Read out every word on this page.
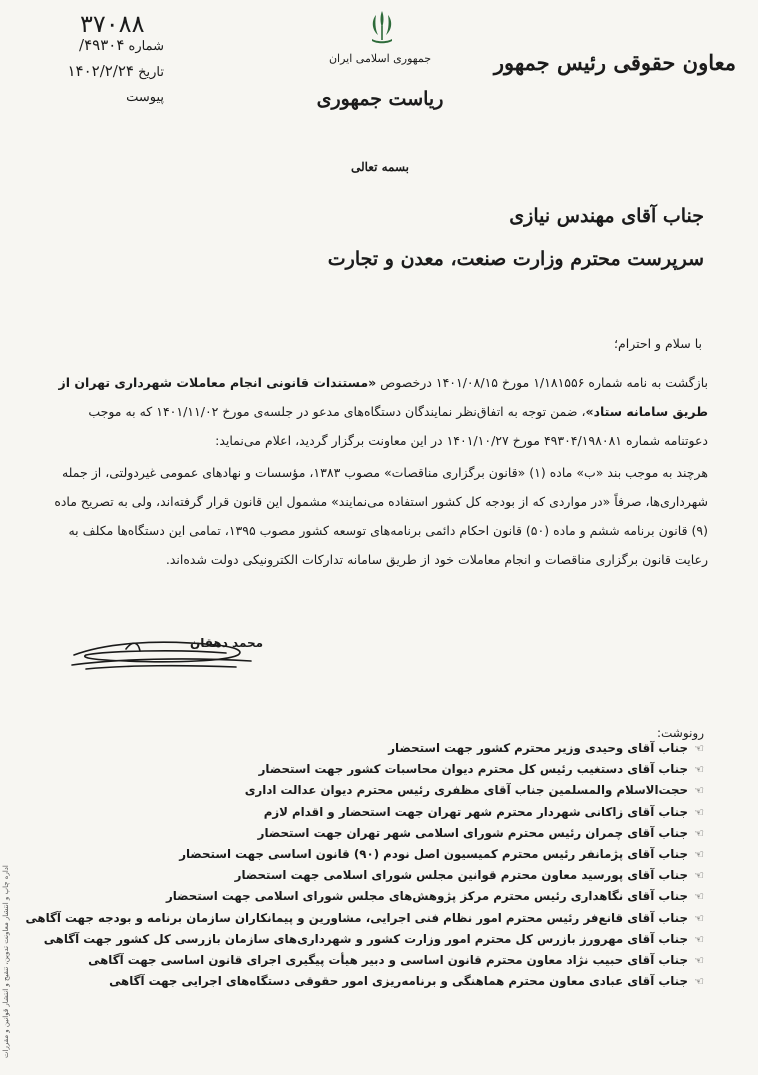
معاون حقوقی رئیس جمهور
جمهوری اسلامی ایران
ریاست جمهوری
۳۷۰۸۸
شماره ۴۹۳۰۴/
تاریخ ۱۴۰۲/۲/۲۴
پیوست
بسمه تعالی
جناب آقای مهندس نیازی
سرپرست محترم وزارت صنعت، معدن و تجارت
با سلام و احترام؛
بازگشت به نامه شماره ۱/۱۸۱۵۵۶ مورخ ۱۴۰۱/۰۸/۱۵ درخصوص «مستندات قانونی انجام معاملات شهرداری تهران از
طریق سامانه ستاد»، ضمن توجه به اتفاق‌نظر نمایندگان دستگاه‌های مدعو در جلسه‌ی مورخ ۱۴۰۱/۱۱/۰۲ که به موجب
دعوتنامه شماره ۴۹۳۰۴/۱۹۸۰۸۱ مورخ ۱۴۰۱/۱۰/۲۷ در این معاونت برگزار گردید، اعلام می‌نماید:
هرچند به موجب بند «ب» ماده (۱) «قانون برگزاری مناقصات» مصوب ۱۳۸۳، مؤسسات و نهادهای عمومی غیردولتی، از جمله
شهرداری‌ها، صرفاً «در مواردی که از بودجه کل کشور استفاده می‌نمایند» مشمول این قانون قرار گرفته‌اند، ولی به تصریح ماده
(۹) قانون برنامه ششم و ماده (۵۰) قانون احکام دائمی برنامه‌های توسعه کشور مصوب ۱۳۹۵، تمامی این دستگاه‌ها مکلف به
رعایت قانون برگزاری مناقصات و انجام معاملات خود از طریق سامانه تدارکات الکترونیکی دولت شده‌اند.
محمد دهقان
رونوشت:
☜جناب آقای وحیدی وزیر محترم کشور جهت استحضار
☜جناب آقای دستغیب رئیس کل محترم دیوان محاسبات کشور جهت استحضار
☜حجت‌الاسلام والمسلمین جناب آقای مظفری رئیس محترم دیوان عدالت اداری
☜جناب آقای زاکانی شهردار محترم شهر تهران جهت استحضار و اقدام لازم
☜جناب آقای چمران رئیس محترم شورای اسلامی شهر تهران جهت استحضار
☜جناب آقای پژمانفر رئیس محترم کمیسیون اصل نودم (۹۰) قانون اساسی جهت استحضار
☜جناب آقای پورسید معاون محترم قوانین مجلس شورای اسلامی جهت استحضار
☜جناب آقای نگاهداری رئیس محترم مرکز پژوهش‌های مجلس شورای اسلامی جهت استحضار
☜جناب آقای قانع‌فر رئیس محترم امور نظام فنی اجرایی، مشاورین و پیمانکاران سازمان برنامه و بودجه جهت آگاهی
☜جناب آقای مهرورز بازرس کل محترم امور وزارت کشور و شهرداری‌های سازمان بازرسی کل کشور جهت آگاهی
☜جناب آقای حبیب نژاد معاون محترم قانون اساسی و دبیر هیأت پیگیری اجرای قانون اساسی جهت آگاهی
☜جناب آقای عبادی معاون محترم هماهنگی و برنامه‌ریزی امور حقوقی دستگاه‌های اجرایی جهت آگاهی
اداره چاپ و انتشار معاونت تدوین، تنقیح و انتشار قوانین و مقررات
